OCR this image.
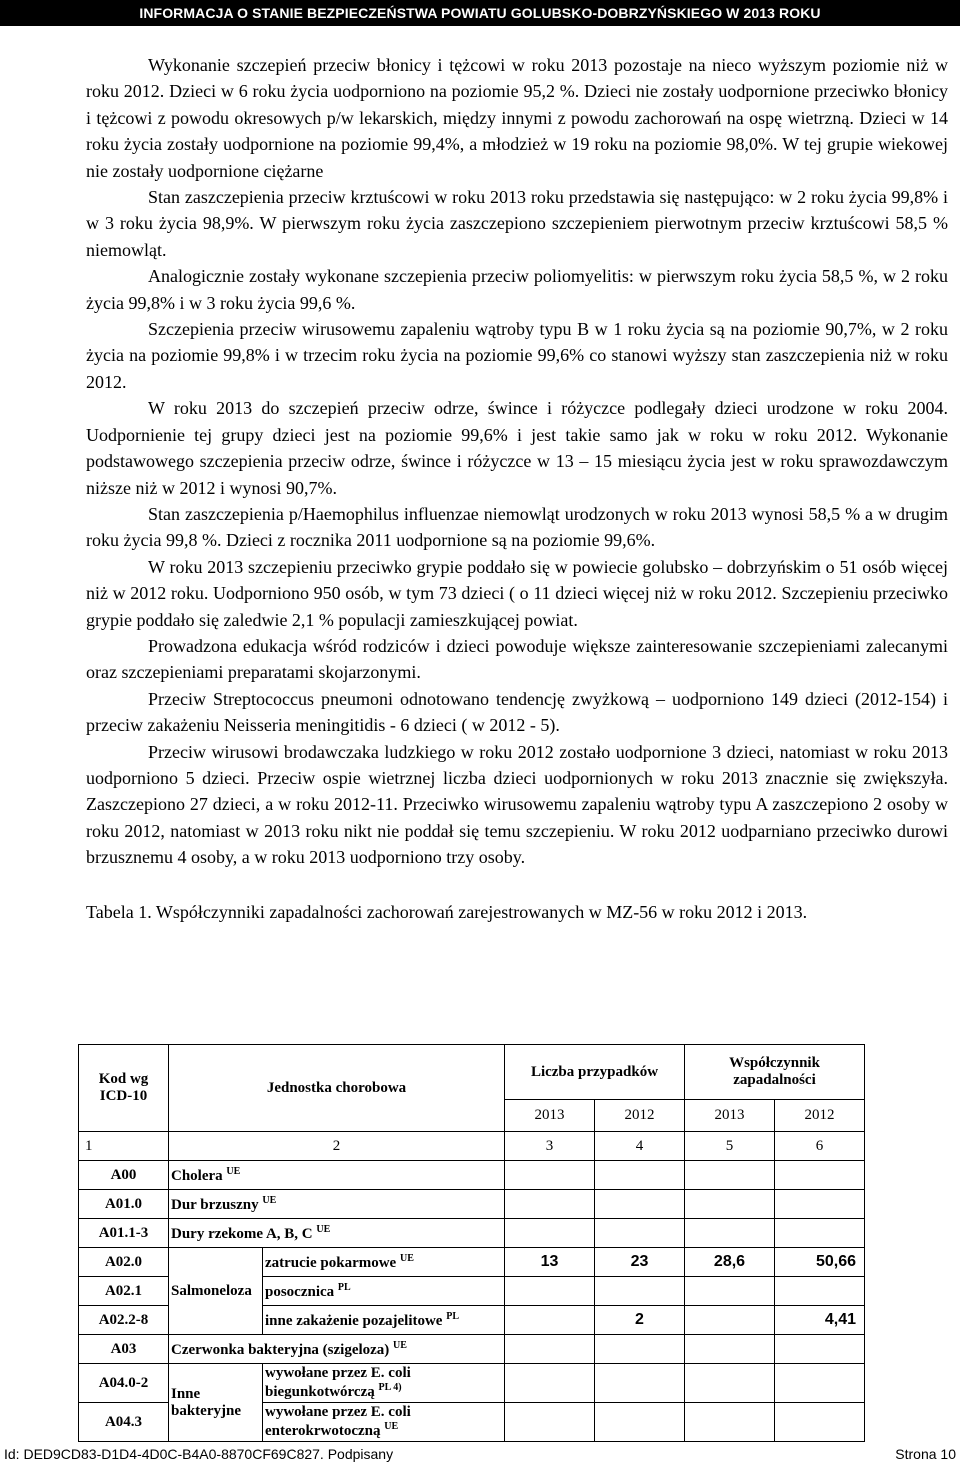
INFORMACJA O STANIE BEZPIECZEŃSTWA POWIATU GOLUBSKO-DOBRZYŃSKIEGO W 2013 ROKU

Wykonanie szczepień przeciw błonicy i tężcowi w roku 2013 pozostaje na nieco wyższym poziomie niż w roku 2012. Dzieci w 6 roku życia uodporniono na poziomie 95,2 %. Dzieci nie zostały uodpornione przeciwko błonicy i tężcowi z powodu okresowych p/w lekarskich, między innymi z powodu zachorowań na ospę wietrzną. Dzieci w 14 roku życia zostały uodpornione na poziomie 99,4%, a młodzież w 19 roku na poziomie 98,0%. W tej grupie wiekowej nie zostały uodpornione ciężarne

Stan zaszczepienia przeciw krztuścowi w roku 2013 roku przedstawia się następująco: w 2 roku życia 99,8% i w 3 roku życia 98,9%. W pierwszym roku życia zaszczepiono szczepieniem pierwotnym przeciw krztuścowi 58,5 % niemowląt.

Analogicznie zostały wykonane szczepienia przeciw poliomyelitis: w pierwszym roku życia 58,5 %, w 2 roku życia 99,8% i w 3 roku życia 99,6 %.

Szczepienia przeciw wirusowemu zapaleniu wątroby typu B w 1 roku życia są na poziomie 90,7%, w 2 roku życia na poziomie 99,8% i w trzecim roku życia na poziomie 99,6% co stanowi wyższy stan zaszczepienia niż w roku 2012.

W roku 2013 do szczepień przeciw odrze, śwince i różyczce podlegały dzieci urodzone w roku 2004. Uodpornienie tej grupy dzieci jest na poziomie 99,6% i jest takie samo jak w roku w roku 2012. Wykonanie podstawowego szczepienia przeciw odrze, śwince i różyczce w 13 – 15 miesiącu życia jest w roku sprawozdawczym niższe niż w 2012 i wynosi 90,7%.

Stan zaszczepienia p/Haemophilus influenzae niemowląt urodzonych w roku 2013 wynosi 58,5 % a w drugim roku życia 99,8 %. Dzieci z rocznika 2011 uodpornione są na poziomie 99,6%.

W roku 2013 szczepieniu przeciwko grypie poddało się w powiecie golubsko – dobrzyńskim o 51 osób więcej niż w 2012 roku. Uodporniono 950 osób, w tym 73 dzieci ( o 11 dzieci więcej niż w roku 2012. Szczepieniu przeciwko grypie poddało się zaledwie 2,1 % populacji zamieszkującej powiat.

Prowadzona edukacja wśród rodziców i dzieci powoduje większe zainteresowanie szczepieniami zalecanymi oraz szczepieniami preparatami skojarzonymi.

Przeciw Streptococcus pneumoni odnotowano tendencję zwyżkową – uodporniono 149 dzieci (2012-154) i przeciw zakażeniu Neisseria meningitidis - 6 dzieci ( w 2012 - 5).

Przeciw wirusowi brodawczaka ludzkiego w roku 2012 zostało uodpornione 3 dzieci, natomiast w roku 2013 uodporniono 5 dzieci. Przeciw ospie wietrznej liczba dzieci uodpornionych w roku 2013 znacznie się zwiększyła. Zaszczepiono 27 dzieci, a w roku 2012-11. Przeciwko wirusowemu zapaleniu wątroby typu A zaszczepiono 2 osoby w roku 2012, natomiast w 2013 roku nikt nie poddał się temu szczepieniu. W roku 2012 uodparniano przeciwko durowi brzusznemu 4 osoby, a w roku 2013 uodporniono trzy osoby.

Tabela 1. Współczynniki zapadalności zachorowań zarejestrowanych w MZ-56 w roku 2012 i 2013.

Kod wg ICD-10	Jednostka chorobowa		Liczba przypadków		Współczynnik zapadalności	
			2013	2012	2013	2012
1	2		3	4	5	6
A00	Cholera $^{UE}$				
A01.0	Dur brzuszny $^{UE}$				
A01.1-3	Dury rzekome A, B, C $^{UE}$				
A02.0	Salmoneloza	zatrucie pokarmowe $^{UE}$	13	23	28,6	50,66
A02.1		posocznica $^{PL}$				
A02.2-8		inne zakażenie pozajelitowe $^{PL}$		2		4,41
A03	Czerwonka bakteryjna (szigeloza) $^{UE}$				
A04.0-2	Inne bakteryjne	wywołane przez E. coli biegunkotwórczą $^{PL 4)}$				
A04.3		wywołane przez E. coli enterokrwotoczną $^{UE}$				
Id: DED9CD83-D1D4-4D0C-B4A0-8870CF69C827. Podpisany	Strona 10
